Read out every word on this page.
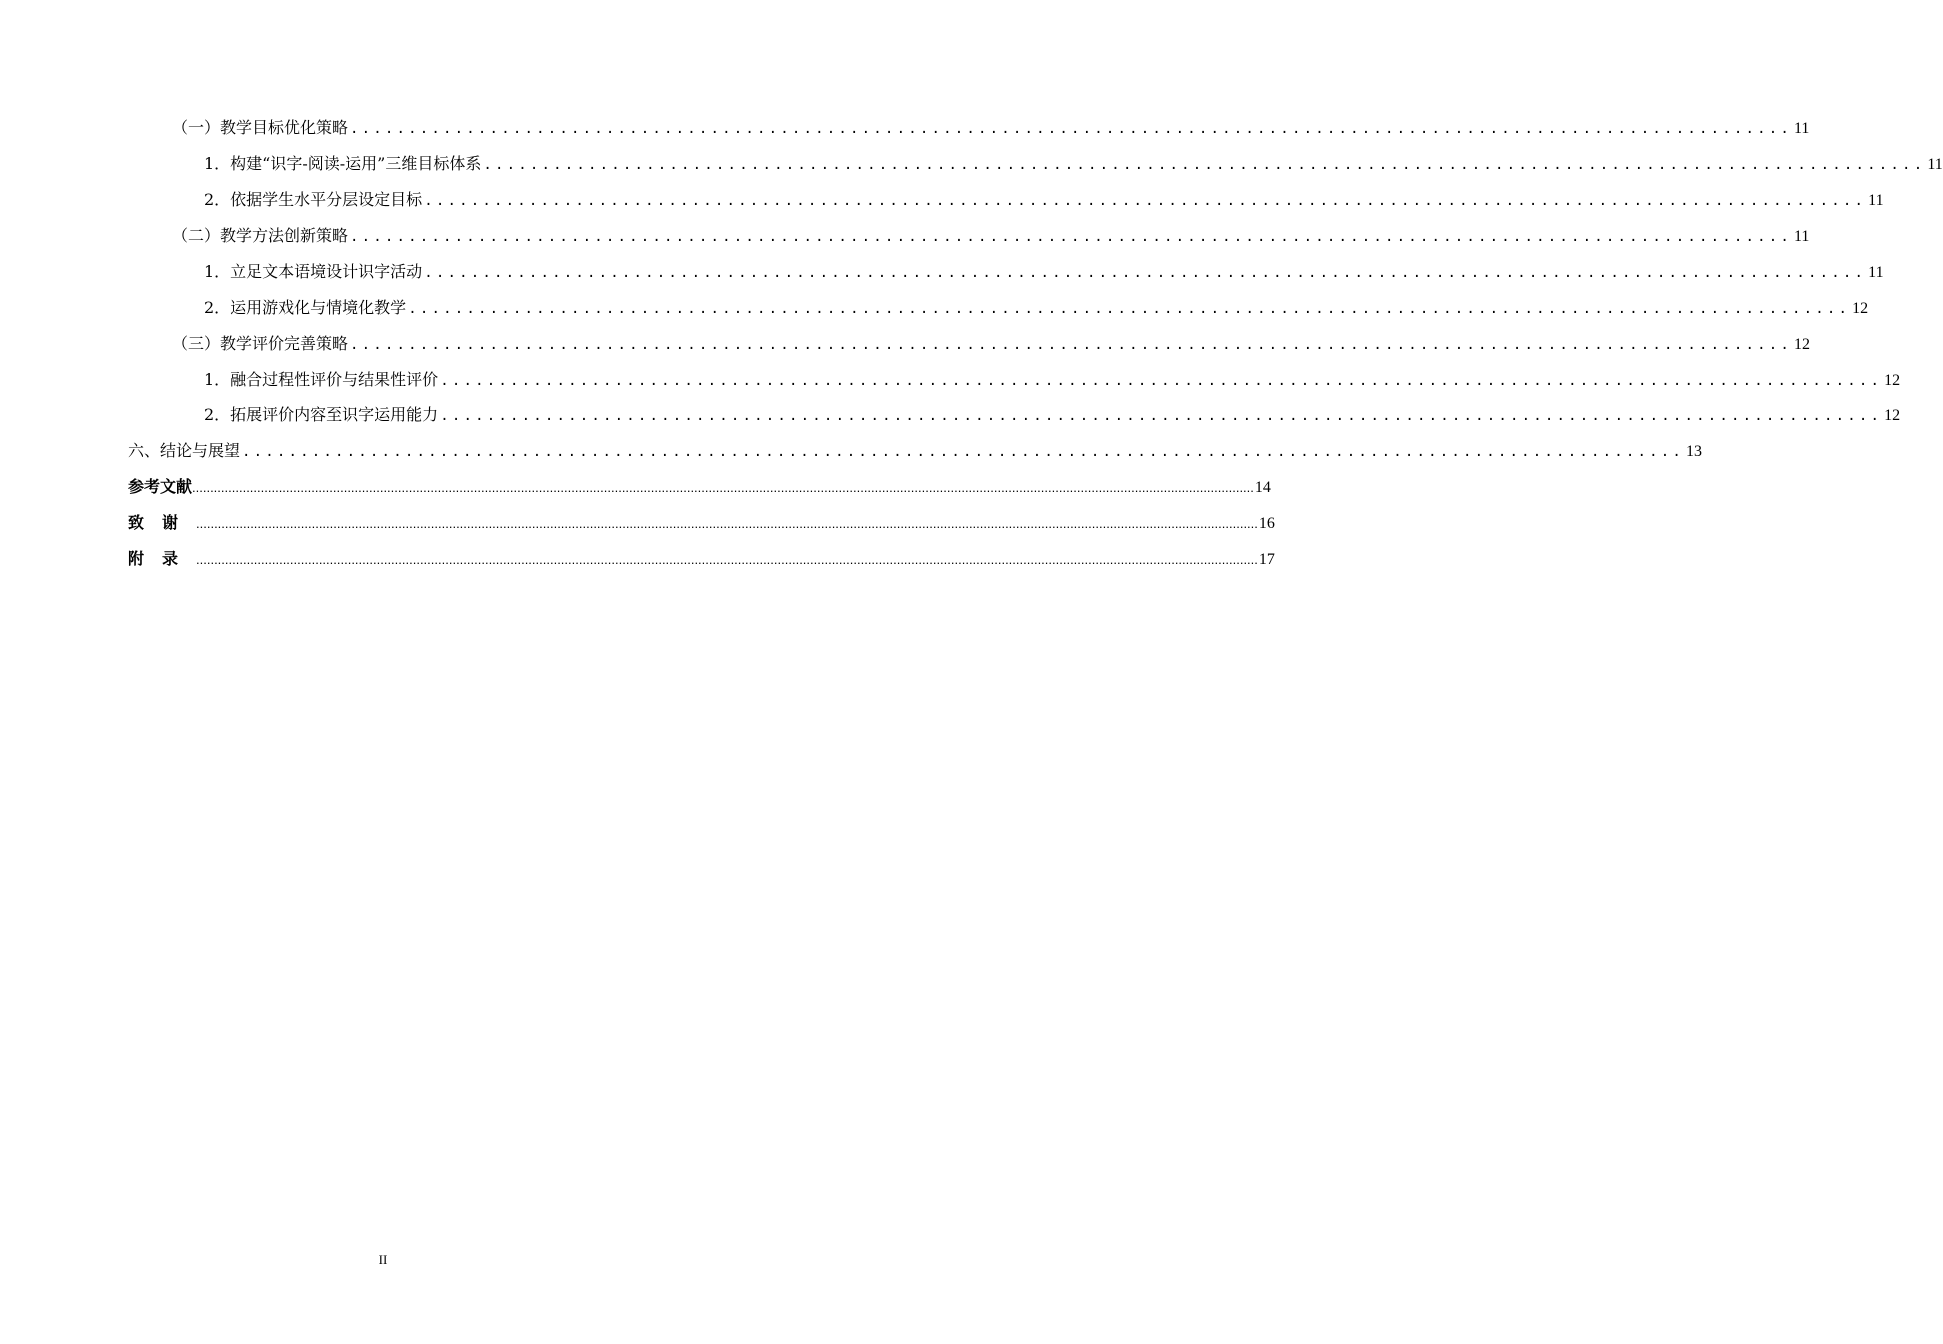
（一）教学目标优化策略 ............................................................................................................................ 11
1．构建“识字-阅读-运用”三维目标体系 ............................................................................................................................ 11
2．依据学生水平分层设定目标 ............................................................................................................................ 11
（二）教学方法创新策略 ............................................................................................................................ 11
1．立足文本语境设计识字活动 ............................................................................................................................ 11
2．运用游戏化与情境化教学 ............................................................................................................................ 12
（三）教学评价完善策略 ............................................................................................................................ 12
1．融合过程性评价与结果性评价 ............................................................................................................................ 12
2．拓展评价内容至识字运用能力 ............................................................................................................................ 12
六、结论与展望 ............................................................................................................................ 13
参考文献 ...................................................................................................................................................................................................................................................................................................... 14
致谢 ...................................................................................................................................................................................................................................................................................................... 16
附录 ...................................................................................................................................................................................................................................................................................................... 17
II
